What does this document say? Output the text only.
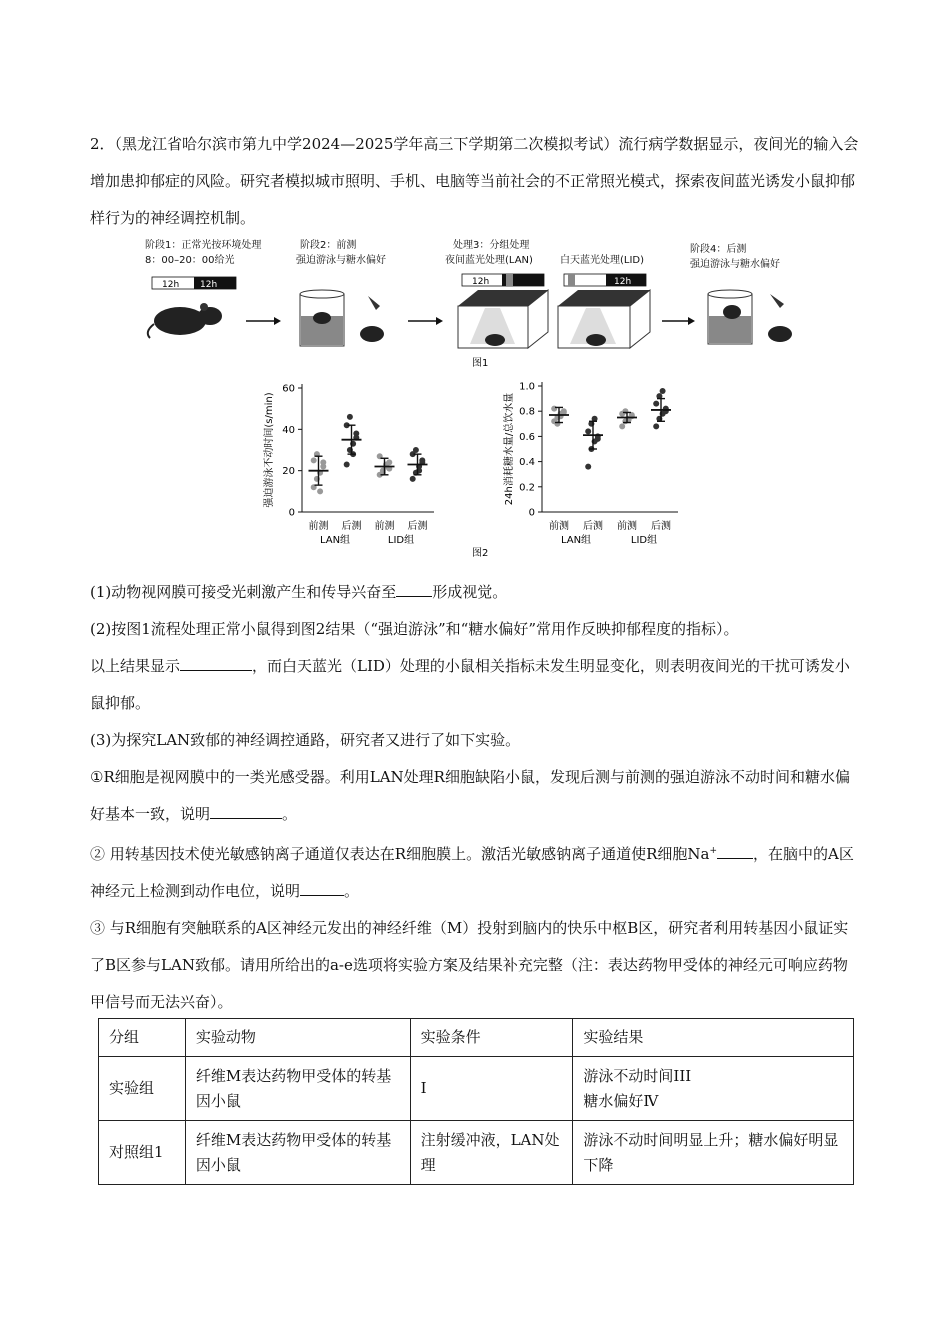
2．（黑龙江省哈尔滨市第九中学2024—2025学年高三下学期第二次模拟考试）流行病学数据显示，夜间光的输入会增加患抑郁症的风险。研究者模拟城市照明、手机、电脑等当前社会的不正常照光模式，探索夜间蓝光诱发小鼠抑郁样行为的神经调控机制。
阶段1：正常光按环境处理
8：00–20：00给光
阶段2：前测
强迫游泳与糖水偏好
处理3：分组处理
夜间蓝光处理(LAN)	白天蓝光处理(LID)
阶段4：后测
强迫游泳与糖水偏好
12h 12h	12h	12h
图1
0
20
40
60
强迫游泳不动时间(s/min)
前测 后测 前测 后测
LAN组	LID组
0
0.2
0.4
0.6
0.8
1.0
24h消耗糖水量/总饮水量
前测 后测 前测 后测
LAN组	LID组
图2
(1)动物视网膜可接受光刺激产生和传导兴奋至 形成视觉。
(2)按图1流程处理正常小鼠得到图2结果（“强迫游泳”和“糖水偏好”常用作反映抑郁程度的指标）。
以上结果显示	，而白天蓝光（LID）处理的小鼠相关指标未发生明显变化，则表明夜间光的干扰可诱发小鼠抑郁。
(3)为探究LAN致郁的神经调控通路，研究者又进行了如下实验。
①R细胞是视网膜中的一类光感受器。利用LAN处理R细胞缺陷小鼠，发现后测与前测的强迫游泳不动时间和糖水偏好基本一致，说明	。
② 用转基因技术使光敏感钠离子通道仅表达在R细胞膜上。激活光敏感钠离子通道使R细胞Na+ ，在脑中的A区神经元上检测到动作电位，说明	。
③ 与R细胞有突触联系的A区神经元发出的神经纤维（M）投射到脑内的快乐中枢B区，研究者利用转基因小鼠证实了B区参与LAN致郁。请用所给出的a-e选项将实验方案及结果补充完整（注：表达药物甲受体的神经元可响应药物甲信号而无法兴奋）。
分组	实验动物	实验条件	实验结果
实验组	纤维M表达药物甲受体的转基因小鼠	I	游泳不动时间III
糖水偏好Ⅳ
对照组1	纤维M表达药物甲受体的转基因小鼠	注射缓冲液，LAN处理	游泳不动时间明显上升；糖水偏好明显下降
